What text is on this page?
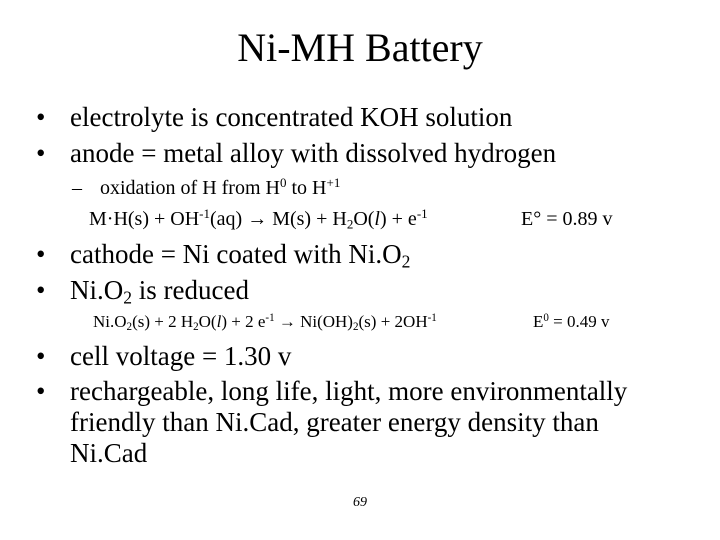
Ni-MH Battery
• electrolyte is concentrated KOH solution
• anode = metal alloy with dissolved hydrogen
– oxidation of H from $H^0$ to $H^{+1}$
$M\cdot H(s) + OH^{-1}(aq) \to M(s) + H_2O(l) + e^{-1}$	E° = 0.89 v
• cathode = Ni coated with $Ni.O_2$
• $Ni.O_2$ is reduced
$Ni.O_2(s) + 2$ $H_2O(l) + 2$ $e^{-1} \to Ni(OH)_2(s) + 2OH^{-1}$	$E^0 = 0.49$ v
• cell voltage = 1.30 v
• rechargeable, long life, light, more environmentally
friendly than Ni.Cad, greater energy density than
Ni.Cad
69
